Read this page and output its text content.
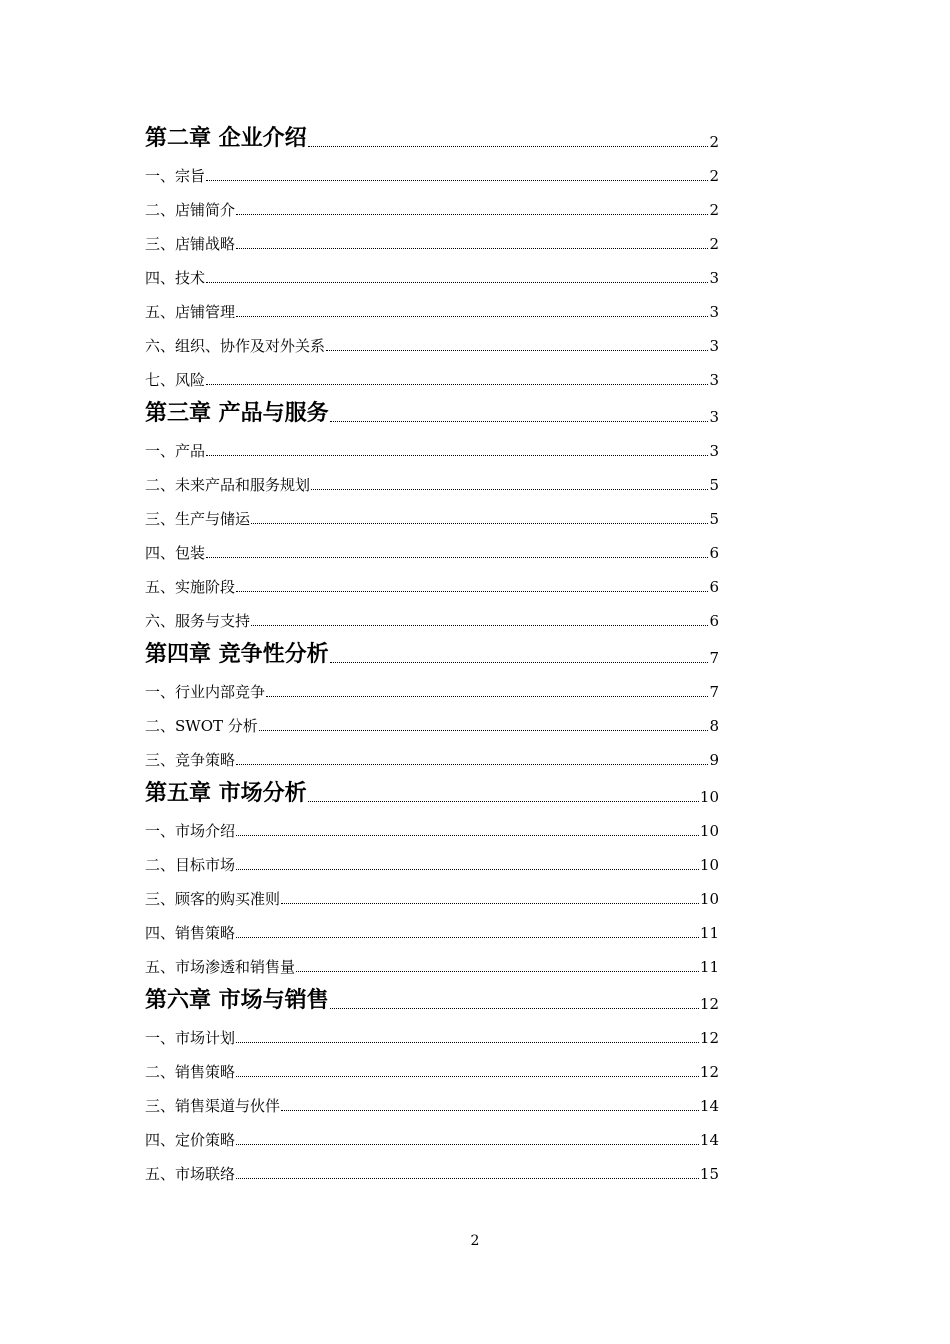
第二章 企业介绍	2
一、宗旨	2
二、店铺简介	2
三、店铺战略	2
四、技术	3
五、店铺管理	3
六、组织、协作及对外关系	3
七、风险	3
第三章 产品与服务	3
一、产品	3
二、未来产品和服务规划	5
三、生产与储运	5
四、包装	6
五、实施阶段	6
六、服务与支持	6
第四章 竞争性分析	7
一、行业内部竞争	7
二、SWOT 分析	8
三、竞争策略	9
第五章 市场分析	10
一、市场介绍	10
二、目标市场	10
三、顾客的购买准则	10
四、销售策略	11
五、市场渗透和销售量	11
第六章 市场与销售	12
一、市场计划	12
二、销售策略	12
三、销售渠道与伙伴	14
四、定价策略	14
五、市场联络	15
2
